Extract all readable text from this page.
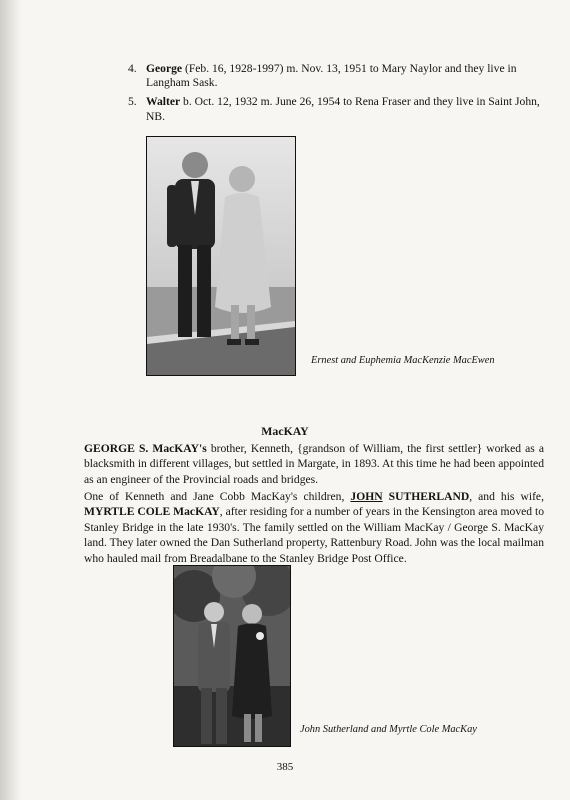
4. George (Feb. 16, 1928-1997) m. Nov. 13, 1951 to Mary Naylor and they live in Langham Sask.
5. Walter b. Oct. 12, 1932 m. June 26, 1954 to Rena Fraser and they live in Saint John, NB.
Ernest and Euphemia MacKenzie MacEwen
MacKAY
GEORGE S. MacKAY's brother, Kenneth, {grandson of William, the first settler} worked as a blacksmith in different villages, but settled in Margate, in 1893. At this time he had been appointed as an engineer of the Provincial roads and bridges.
One of Kenneth and Jane Cobb MacKay's children, JOHN SUTHERLAND, and his wife, MYRTLE COLE MacKAY, after residing for a number of years in the Kensington area moved to Stanley Bridge in the late 1930's. The family settled on the William MacKay / George S. MacKay land. They later owned the Dan Sutherland property, Rattenbury Road. John was the local mailman who hauled mail from Breadalbane to the Stanley Bridge Post Office.
John Sutherland and Myrtle Cole MacKay
385
